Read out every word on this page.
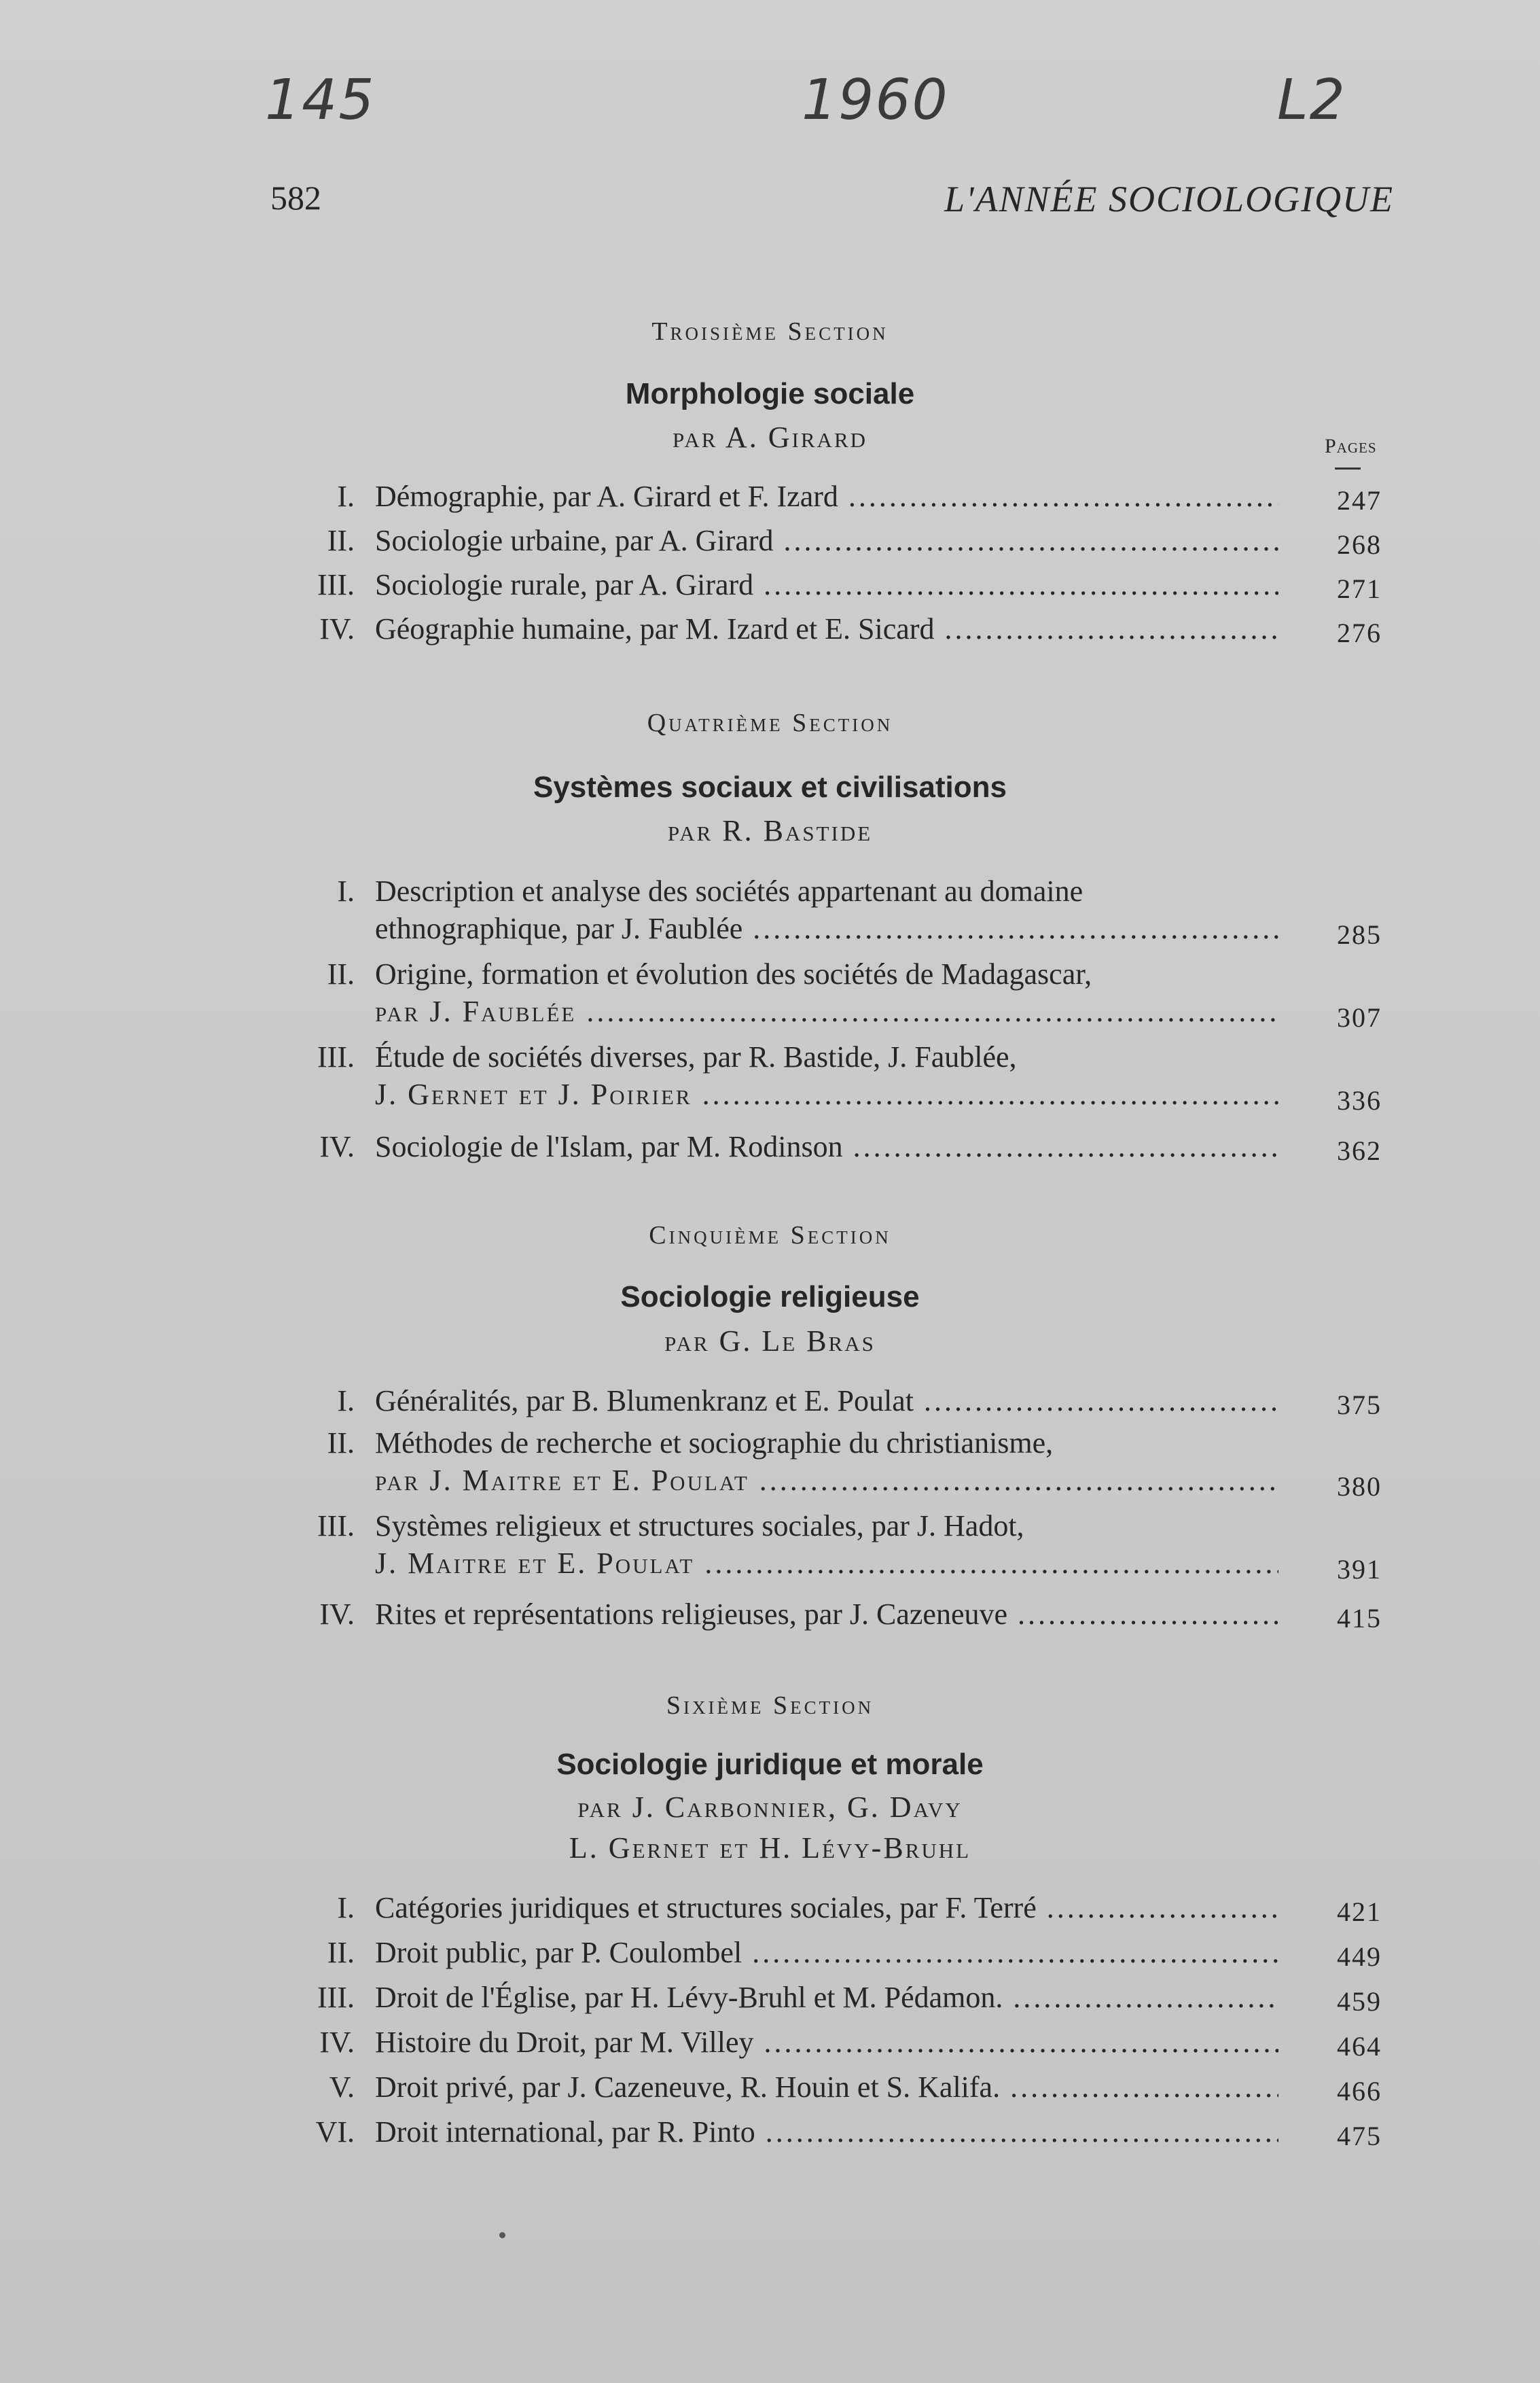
145	1960	L2
582	L'ANNÉE SOCIOLOGIQUE
Pages
Troisième Section
Morphologie sociale
par A. Girard
I. Démographie, par A. Girard et F. Izard .....	247
II. Sociologie urbaine, par A. Girard .....	268
III. Sociologie rurale, par A. Girard .....	271
IV. Géographie humaine, par M. Izard et E. Sicard .....	276
Quatrième Section
Systèmes sociaux et civilisations
par R. Bastide
I. Description et analyse des sociétés appartenant au domaine
ethnographique, par J. Faublée .....	285
II. Origine, formation et évolution des sociétés de Madagascar,
par J. Faublée .....	307
III. Étude de sociétés diverses, par R. Bastide, J. Faublée,
J. Gernet et J. Poirier .....	336
IV. Sociologie de l'Islam, par M. Rodinson .....	362
Cinquième Section
Sociologie religieuse
par G. Le Bras
I. Généralités, par B. Blumenkranz et E. Poulat .....	375
II. Méthodes de recherche et sociographie du christianisme,
par J. Maitre et E. Poulat .....	380
III. Systèmes religieux et structures sociales, par J. Hadot,
J. Maitre et E. Poulat .....	391
IV. Rites et représentations religieuses, par J. Cazeneuve .....	415
Sixième Section
Sociologie juridique et morale
par J. Carbonnier, G. Davy
L. Gernet et H. Lévy-Bruhl
I. Catégories juridiques et structures sociales, par F. Terré .....	421
II. Droit public, par P. Coulombel .....	449
III. Droit de l'Église, par H. Lévy-Bruhl et M. Pédamon. .....	459
IV. Histoire du Droit, par M. Villey .....	464
V. Droit privé, par J. Cazeneuve, R. Houin et S. Kalifa. .....	466
VI. Droit international, par R. Pinto .....	475
